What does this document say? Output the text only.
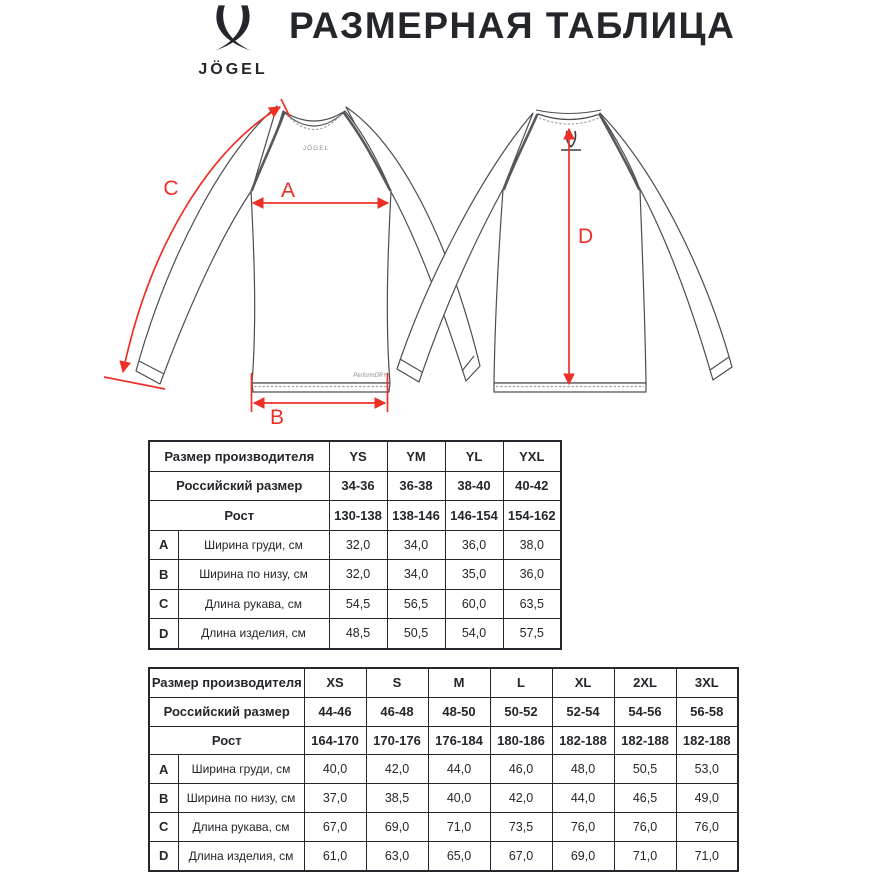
JÖGEL
РАЗМЕРНАЯ ТАБЛИЦА
JÖGEL
PerformDRY
A
B
C
D
Размер производителя		YS	YM	YL	YXL
Российский размер		34-36	36-38	38-40	40-42
Рост		130-138	138-146	146-154	154-162
A	Ширина груди, см	32,0	34,0	36,0	38,0
B	Ширина по низу, см	32,0	34,0	35,0	36,0
C	Длина рукава, см	54,5	56,5	60,0	63,5
D	Длина изделия, см	48,5	50,5	54,0	57,5
Размер производителя		XS	S	M	L	XL	2XL	3XL
Российский размер		44-46	46-48	48-50	50-52	52-54	54-56	56-58
Рост		164-170	170-176	176-184	180-186	182-188	182-188	182-188
A	Ширина груди, см	40,0	42,0	44,0	46,0	48,0	50,5	53,0
B	Ширина по низу, см	37,0	38,5	40,0	42,0	44,0	46,5	49,0
C	Длина рукава, см	67,0	69,0	71,0	73,5	76,0	76,0	76,0
D	Длина изделия, см	61,0	63,0	65,0	67,0	69,0	71,0	71,0
